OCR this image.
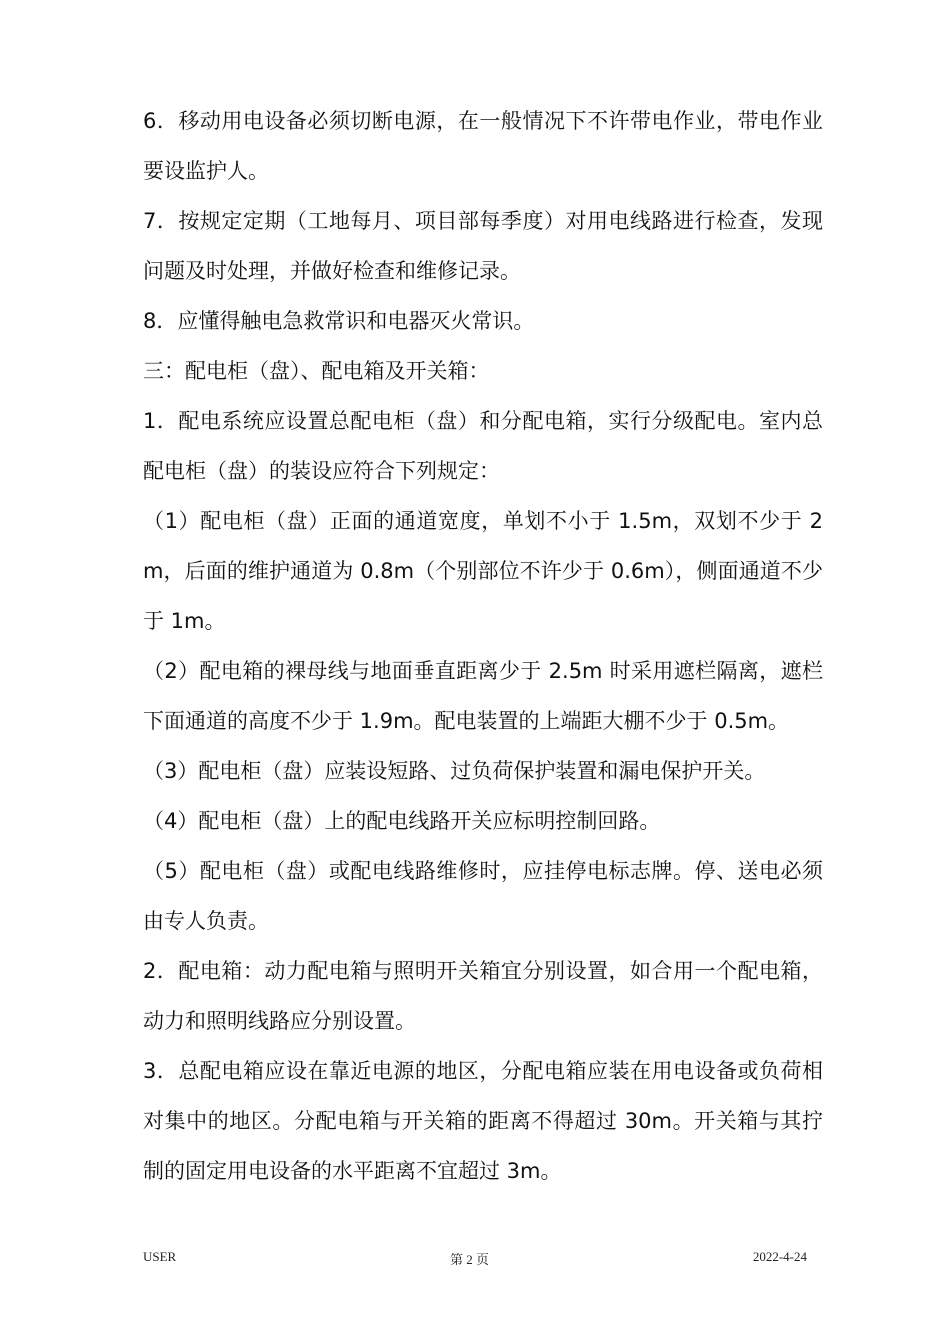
6．移动用电设备必须切断电源，在一般情况下不许带电作业，带电作业要设监护人。

7．按规定定期（工地每月、项目部每季度）对用电线路进行检查，发现问题及时处理，并做好检查和维修记录。

8．应懂得触电急救常识和电器灭火常识。

三：配电柜（盘）、配电箱及开关箱：

1．配电系统应设置总配电柜（盘）和分配电箱，实行分级配电。室内总配电柜（盘）的装设应符合下列规定：

（1）配电柜（盘）正面的通道宽度，单划不小于 1.5m，双划不少于 2m，后面的维护通道为 0.8m（个别部位不许少于 0.6m），侧面通道不少于 1m。

（2）配电箱的裸母线与地面垂直距离少于 2.5m 时采用遮栏隔离，遮栏下面通道的高度不少于 1.9m。配电装置的上端距大棚不少于 0.5m。

（3）配电柜（盘）应装设短路、过负荷保护装置和漏电保护开关。

（4）配电柜（盘）上的配电线路开关应标明控制回路。

（5）配电柜（盘）或配电线路维修时，应挂停电标志牌。停、送电必须由专人负责。

2．配电箱：动力配电箱与照明开关箱宜分别设置，如合用一个配电箱，动力和照明线路应分别设置。

3．总配电箱应设在靠近电源的地区，分配电箱应装在用电设备或负荷相对集中的地区。分配电箱与开关箱的距离不得超过 30m。开关箱与其拧制的固定用电设备的水平距离不宜超过 3m。

USER	第 2 页	2022-4-24
